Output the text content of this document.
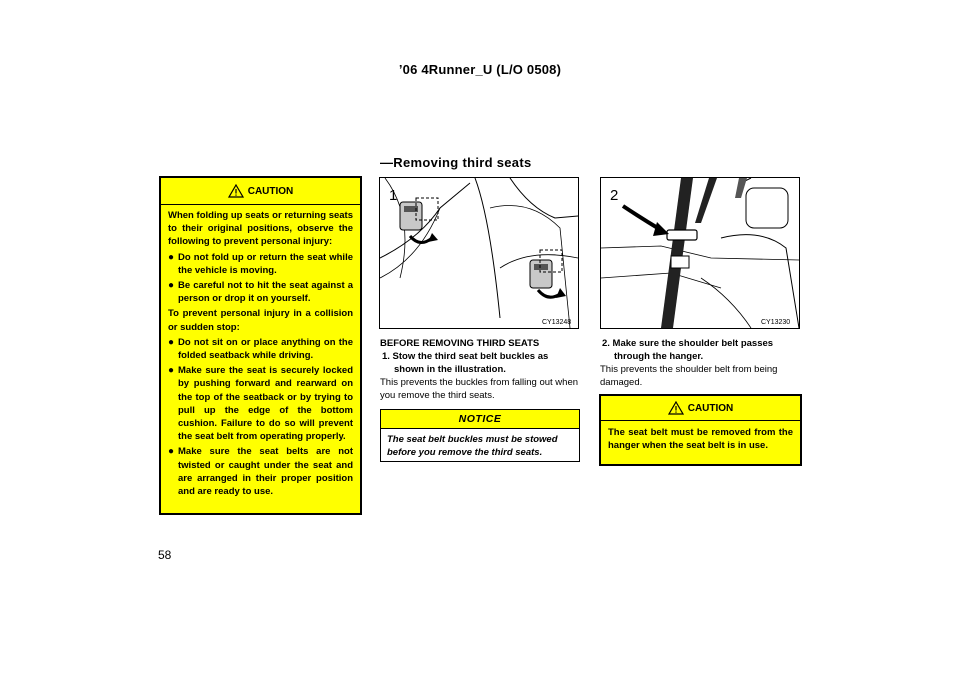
’06 4Runner_U (L/O 0508)
—Removing third seats
58
CAUTION

When folding up seats or returning seats to their original positions, observe the following to prevent personal injury:

● Do not fold up or return the seat while the vehicle is moving.
● Be careful not to hit the seat against a person or drop it on yourself.

To prevent personal injury in a collision or sudden stop:

● Do not sit on or place anything on the folded seatback while driving.
● Make sure the seat is securely locked by pushing forward and rearward on the top of the seatback or by trying to pull up the edge of the bottom cushion. Failure to do so will prevent the seat belt from operating properly.
● Make sure the seat belts are not twisted or caught under the seat and are arranged in their proper position and are ready to use.
1
CY13248
2
CY13230
BEFORE REMOVING THIRD SEATS
1. Stow the third seat belt buckles as shown in the illustration.
This prevents the buckles from falling out when you remove the third seats.
NOTICE
The seat belt buckles must be stowed before you remove the third seats.
2. Make sure the shoulder belt passes through the hanger.
This prevents the shoulder belt from being damaged.
CAUTION
The seat belt must be removed from the hanger when the seat belt is in use.
